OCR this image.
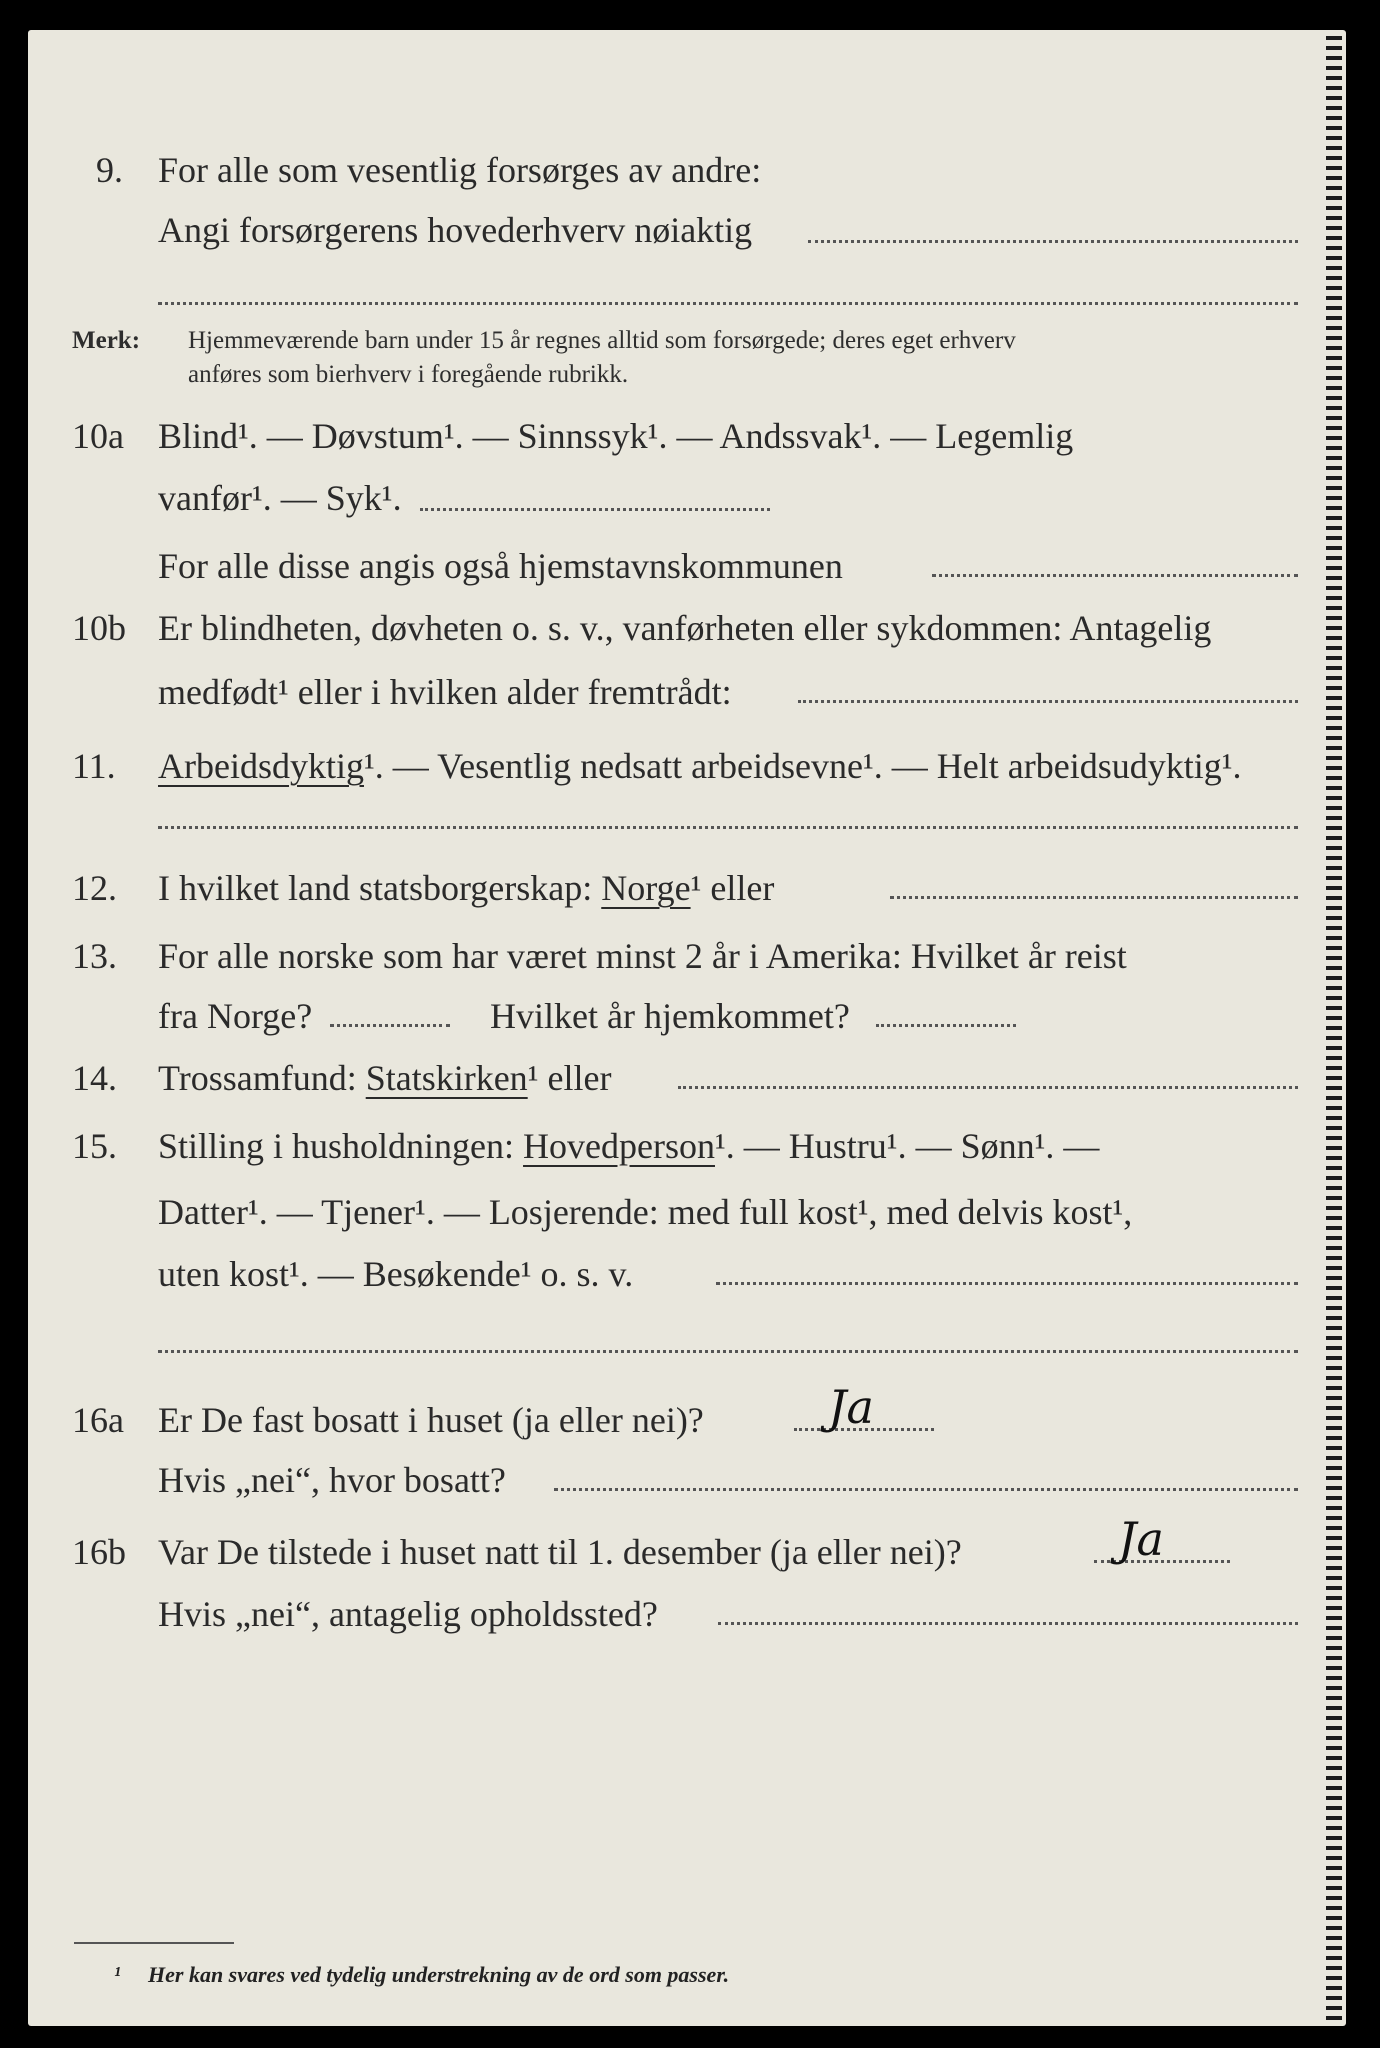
9. For alle som vesentlig forsørges av andre:
Angi forsørgerens hovederhverv nøiaktig
Merk: Hjemmeværende barn under 15 år regnes alltid som forsørgede; deres eget erhverv
anføres som bierhverv i foregående rubrikk.
10a Blind¹. — Døvstum¹. — Sinnssyk¹. — Andssvak¹. — Legemlig
vanfør¹. — Syk¹.
For alle disse angis også hjemstavnskommunen
10b Er blindheten, døvheten o. s. v., vanførheten eller sykdommen: Antagelig
medfødt¹ eller i hvilken alder fremtrådt:
11. Arbeidsdyktig¹. — Vesentlig nedsatt arbeidsevne¹. — Helt arbeidsudyktig¹.
12. I hvilket land statsborgerskap: Norge¹ eller
13. For alle norske som har været minst 2 år i Amerika: Hvilket år reist
fra Norge?	Hvilket år hjemkommet?
14. Trossamfund: Statskirken¹ eller
15. Stilling i husholdningen: Hovedperson¹. — Hustru¹. — Sønn¹. —
Datter¹. — Tjener¹. — Losjerende: med full kost¹, med delvis kost¹,
uten kost¹. — Besøkende¹ o. s. v.
16a Er De fast bosatt i huset (ja eller nei)?	Ja
Hvis „nei“, hvor bosatt?
16b Var De tilstede i huset natt til 1. desember (ja eller nei)?	Ja
Hvis „nei“, antagelig opholdssted?
¹ Her kan svares ved tydelig understrekning av de ord som passer.
